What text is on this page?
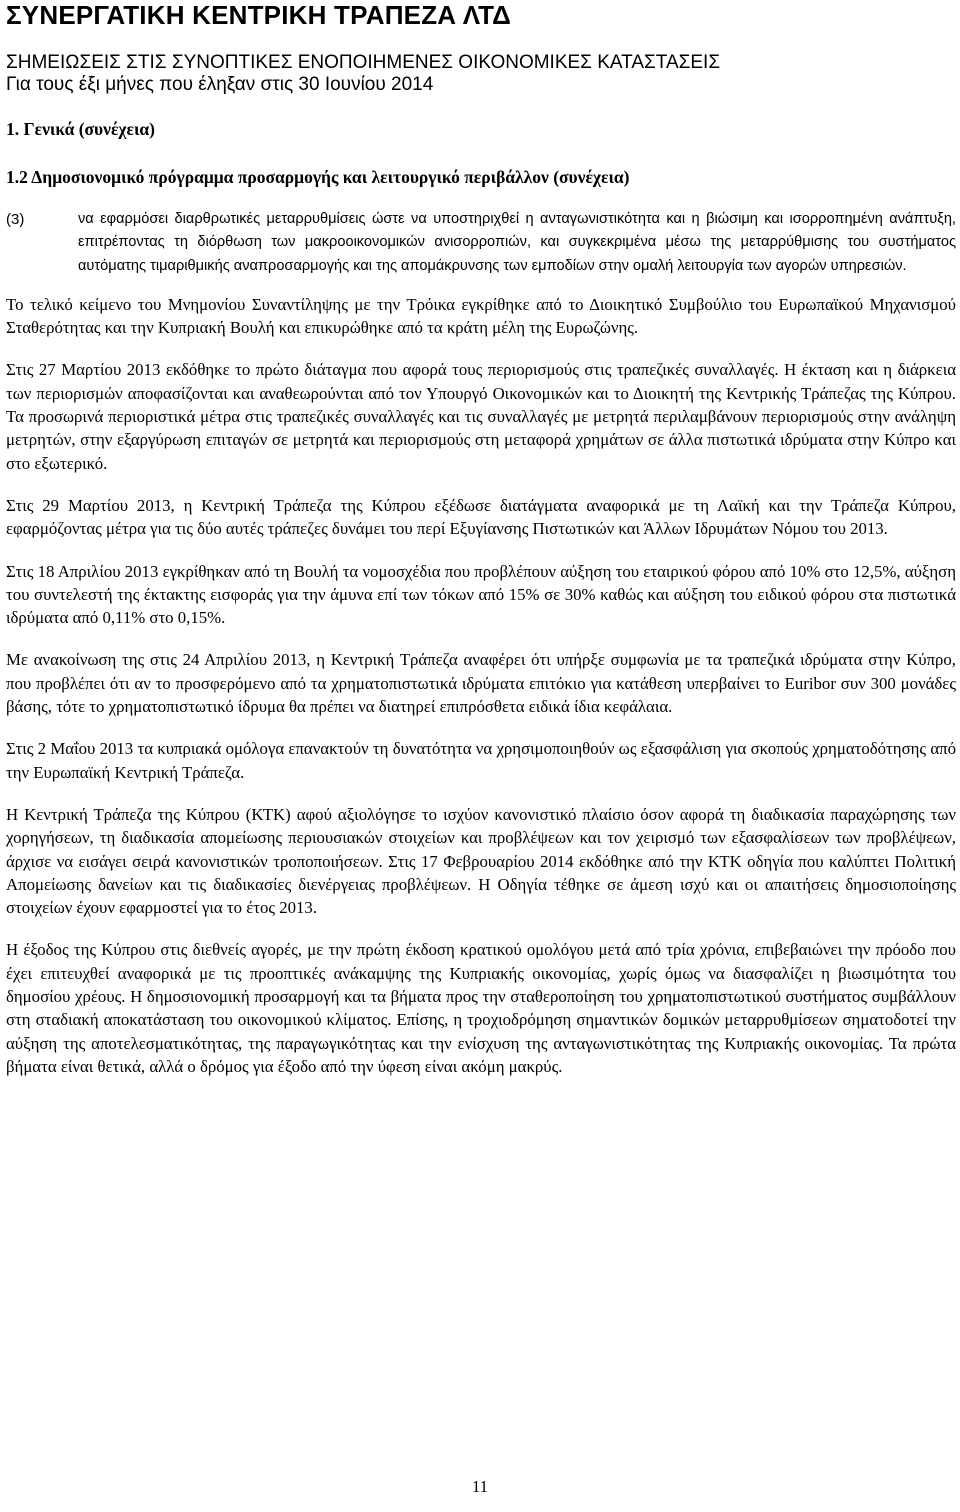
ΣΥΝΕΡΓΑΤΙΚΗ ΚΕΝΤΡΙΚΗ ΤΡΑΠΕΖΑ ΛΤΔ
ΣΗΜΕΙΩΣΕΙΣ ΣΤΙΣ ΣΥΝΟΠΤΙΚΕΣ ΕΝΟΠΟΙΗΜΕΝΕΣ ΟΙΚΟΝΟΜΙΚΕΣ ΚΑΤΑΣΤΑΣΕΙΣ
Για τους έξι μήνες που έληξαν στις 30 Ιουνίου 2014
1. Γενικά (συνέχεια)
1.2 Δημοσιονομικό πρόγραμμα προσαρμογής και λειτουργικό περιβάλλον (συνέχεια)
(3)	να εφαρμόσει διαρθρωτικές μεταρρυθμίσεις ώστε να υποστηριχθεί η ανταγωνιστικότητα και η βιώσιμη και ισορροπημένη ανάπτυξη, επιτρέποντας τη διόρθωση των μακροοικονομικών ανισορροπιών, και συγκεκριμένα μέσω της μεταρρύθμισης του συστήματος αυτόματης τιμαριθμικής αναπροσαρμογής και της απομάκρυνσης των εμποδίων στην ομαλή λειτουργία των αγορών υπηρεσιών.

Το τελικό κείμενο του Μνημονίου Συναντίληψης με την Τρόικα εγκρίθηκε από το Διοικητικό Συμβούλιο του Ευρωπαϊκού Μηχανισμού Σταθερότητας και την Κυπριακή Βουλή και επικυρώθηκε από τα κράτη μέλη της Ευρωζώνης.

Στις 27 Μαρτίου 2013 εκδόθηκε το πρώτο διάταγμα που αφορά τους περιορισμούς στις τραπεζικές συναλλαγές. Η έκταση και η διάρκεια των περιορισμών αποφασίζονται και αναθεωρούνται από τον Υπουργό Οικονομικών και το Διοικητή της Κεντρικής Τράπεζας της Κύπρου. Τα προσωρινά περιοριστικά μέτρα στις τραπεζικές συναλλαγές και τις συναλλαγές με μετρητά περιλαμβάνουν περιορισμούς στην ανάληψη μετρητών, στην εξαργύρωση επιταγών σε μετρητά και περιορισμούς στη μεταφορά χρημάτων σε άλλα πιστωτικά ιδρύματα στην Κύπρο και στο εξωτερικό.

Στις 29 Μαρτίου 2013, η Κεντρική Τράπεζα της Κύπρου εξέδωσε διατάγματα αναφορικά με τη Λαϊκή και την Τράπεζα Κύπρου, εφαρμόζοντας μέτρα για τις δύο αυτές τράπεζες δυνάμει του περί Εξυγίανσης Πιστωτικών και Άλλων Ιδρυμάτων Νόμου του 2013.

Στις 18 Απριλίου 2013 εγκρίθηκαν από τη Βουλή τα νομοσχέδια που προβλέπουν αύξηση του εταιρικού φόρου από 10% στο 12,5%, αύξηση του συντελεστή της έκτακτης εισφοράς για την άμυνα επί των τόκων από 15% σε 30% καθώς και αύξηση του ειδικού φόρου στα πιστωτικά ιδρύματα από 0,11% στο 0,15%.

Με ανακοίνωση της στις 24 Απριλίου 2013, η Κεντρική Τράπεζα αναφέρει ότι υπήρξε συμφωνία με τα τραπεζικά ιδρύματα στην Κύπρο, που προβλέπει ότι αν το προσφερόμενο από τα χρηματοπιστωτικά ιδρύματα επιτόκιο για κατάθεση υπερβαίνει το Euribor συν 300 μονάδες βάσης, τότε το χρηματοπιστωτικό ίδρυμα θα πρέπει να διατηρεί επιπρόσθετα ειδικά ίδια κεφάλαια.

Στις 2 Μαΐου 2013 τα κυπριακά ομόλογα επανακτούν τη δυνατότητα να χρησιμοποιηθούν ως εξασφάλιση για σκοπούς χρηματοδότησης από την Ευρωπαϊκή Κεντρική Τράπεζα.

Η Κεντρική Τράπεζα της Κύπρου (ΚΤΚ) αφού αξιολόγησε το ισχύον κανονιστικό πλαίσιο όσον αφορά τη διαδικασία παραχώρησης των χορηγήσεων, τη διαδικασία απομείωσης περιουσιακών στοιχείων και προβλέψεων και τον χειρισμό των εξασφαλίσεων των προβλέψεων, άρχισε να εισάγει σειρά κανονιστικών τροποποιήσεων. Στις 17 Φεβρουαρίου 2014 εκδόθηκε από την ΚΤΚ οδηγία που καλύπτει Πολιτική Απομείωσης δανείων και τις διαδικασίες διενέργειας προβλέψεων. Η Οδηγία τέθηκε σε άμεση ισχύ και οι απαιτήσεις δημοσιοποίησης στοιχείων έχουν εφαρμοστεί για το έτος 2013.

Η έξοδος της Κύπρου στις διεθνείς αγορές, με την πρώτη έκδοση κρατικού ομολόγου μετά από τρία χρόνια, επιβεβαιώνει την πρόοδο που έχει επιτευχθεί αναφορικά με τις προοπτικές ανάκαμψης της Κυπριακής οικονομίας, χωρίς όμως να διασφαλίζει η βιωσιμότητα του δημοσίου χρέους. Η δημοσιονομική προσαρμογή και τα βήματα προς την σταθεροποίηση του χρηματοπιστωτικού συστήματος συμβάλλουν στη σταδιακή αποκατάσταση του οικονομικού κλίματος. Επίσης, η τροχιοδρόμηση σημαντικών δομικών μεταρρυθμίσεων σηματοδοτεί την αύξηση της αποτελεσματικότητας, της παραγωγικότητας και την ενίσχυση της ανταγωνιστικότητας της Κυπριακής οικονομίας. Τα πρώτα βήματα είναι θετικά, αλλά ο δρόμος για έξοδο από την ύφεση είναι ακόμη μακρύς.

11
